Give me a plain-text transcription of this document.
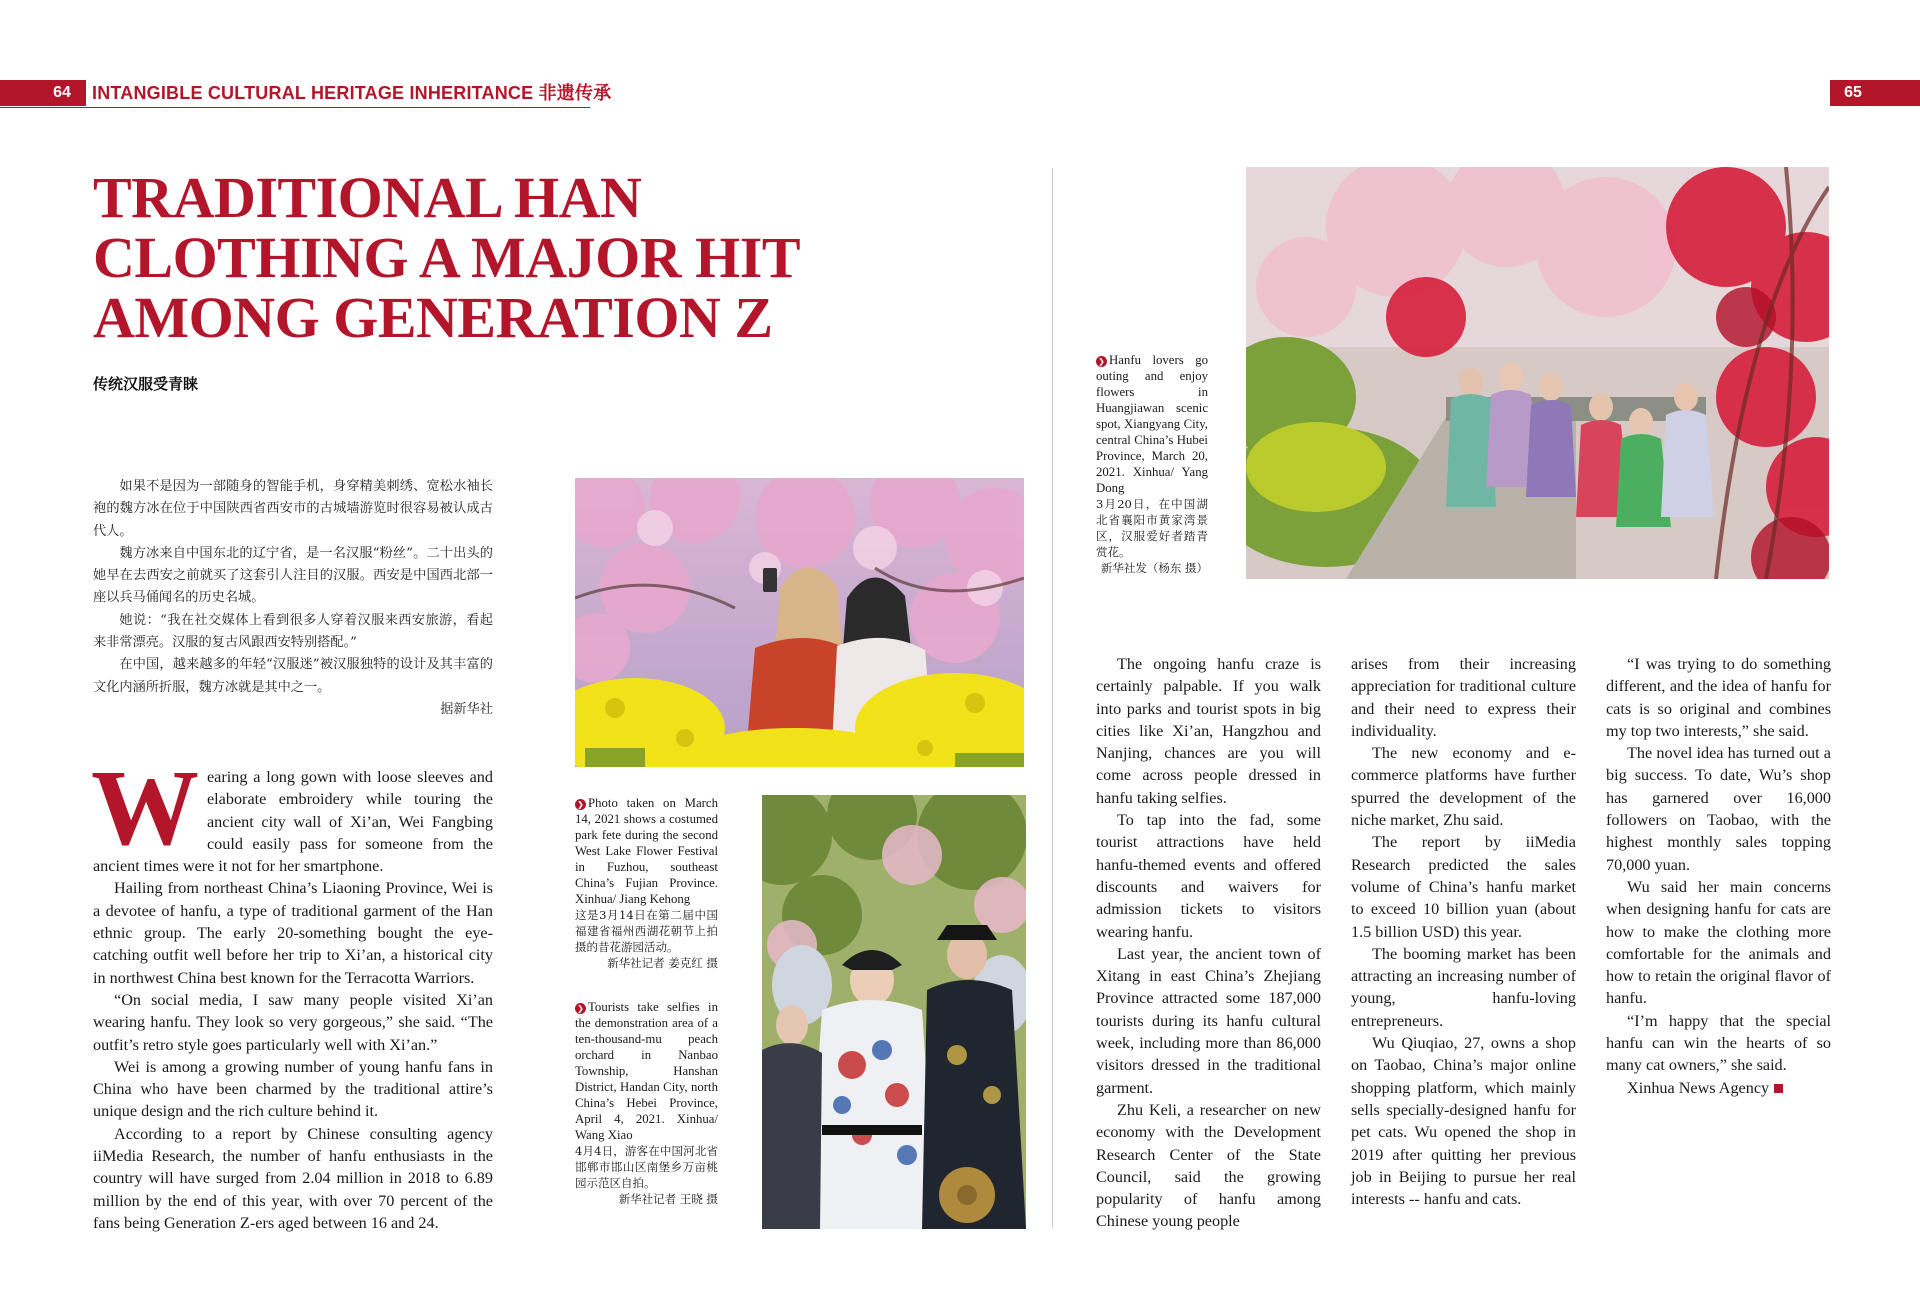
64	INTANGIBLE CULTURAL HERITAGE INHERITANCE 非遗传承	65
TRADITIONAL HAN
CLOTHING A MAJOR HIT
AMONG GENERATION Z
传统汉服受青睐

如果不是因为一部随身的智能手机，身穿精美刺绣、宽松水袖长袍的魏方冰在位于中国陕西省西安市的古城墙游览时很容易被认成古代人。

魏方冰来自中国东北的辽宁省，是一名汉服“粉丝”。二十出头的她早在去西安之前就买了这套引人注目的汉服。西安是中国西北部一座以兵马俑闻名的历史名城。

她说：“我在社交媒体上看到很多人穿着汉服来西安旅游，看起来非常漂亮。汉服的复古风跟西安特别搭配。”

在中国，越来越多的年轻“汉服迷”被汉服独特的设计及其丰富的文化内涵所折服，魏方冰就是其中之一。

据新华社

Wearing a long gown with loose sleeves and elaborate embroidery while touring the ancient city wall of Xi’an, Wei Fangbing could easily pass for someone from the ancient times were it not for her smartphone.

Hailing from northeast China’s Liaoning Province, Wei is a devotee of hanfu, a type of traditional garment of the Han ethnic group. The early 20-something bought the eye-catching outfit well before her trip to Xi’an, a historical city in northwest China best known for the Terracotta Warriors.

“On social media, I saw many people visited Xi’an wearing hanfu. They look so very gorgeous,” she said. “The outfit’s retro style goes particularly well with Xi’an.”

Wei is among a growing number of young hanfu fans in China who have been charmed by the traditional attire’s unique design and the rich culture behind it.

According to a report by Chinese consulting agency iiMedia Research, the number of hanfu enthusiasts in the country will have surged from 2.04 million in 2018 to 6.89 million by the end of this year, with over 70 percent of the fans being Generation Z-ers aged between 16 and 24.

❯ Photo taken on March 14, 2021 shows a costumed park fete during the second West Lake Flower Festival in Fuzhou, southeast China’s Fujian Province. Xinhua/ Jiang Kehong
这是3月14日在第二届中国福建省福州西湖花朝节上拍摄的昔花游园活动。
新华社记者 姜克红 摄
❯ Tourists take selfies in the demonstration area of a ten-thousand-mu peach orchard in Nanbao Township, Hanshan District, Handan City, north China’s Hebei Province, April 4, 2021. Xinhua/ Wang Xiao
4月4日，游客在中国河北省邯郸市邯山区南堡乡万亩桃园示范区自拍。
新华社记者 王晓 摄
❯ Hanfu lovers go outing and enjoy flowers in Huangjiawan scenic spot, Xiangyang City, central China’s Hubei Province, March 20, 2021. Xinhua/ Yang Dong
3月20日，在中国湖北省襄阳市黄家湾景区，汉服爱好者踏青赏花。
新华社发（杨东 摄）

The ongoing hanfu craze is certainly palpable. If you walk into parks and tourist spots in big cities like Xi’an, Hangzhou and Nanjing, chances are you will come across people dressed in hanfu taking selfies.

To tap into the fad, some tourist attractions have held hanfu-themed events and offered discounts and waivers for admission tickets to visitors wearing hanfu.

Last year, the ancient town of Xitang in east China’s Zhejiang Province attracted some 187,000 tourists during its hanfu cultural week, including more than 86,000 visitors dressed in the traditional garment.

Zhu Keli, a researcher on new economy with the Development Research Center of the State Council, said the growing popularity of hanfu among Chinese young people

arises from their increasing appreciation for traditional culture and their need to express their individuality.

The new economy and e-commerce platforms have further spurred the development of the niche market, Zhu said.

The report by iiMedia Research predicted the sales volume of China’s hanfu market to exceed 10 billion yuan (about 1.5 billion USD) this year.

The booming market has been attracting an increasing number of young, hanfu-loving entrepreneurs.

Wu Qiuqiao, 27, owns a shop on Taobao, China’s major online shopping platform, which mainly sells specially-designed hanfu for pet cats. Wu opened the shop in 2019 after quitting her previous job in Beijing to pursue her real interests -- hanfu and cats.

“I was trying to do something different, and the idea of hanfu for cats is so original and combines my top two interests,” she said.

The novel idea has turned out a big success. To date, Wu’s shop has garnered over 16,000 followers on Taobao, with the highest monthly sales topping 70,000 yuan.

Wu said her main concerns when designing hanfu for cats are how to make the clothing more comfortable for the animals and how to retain the original flavor of hanfu.

“I’m happy that the special hanfu can win the hearts of so many cat owners,” she said.

Xinhua News Agency
